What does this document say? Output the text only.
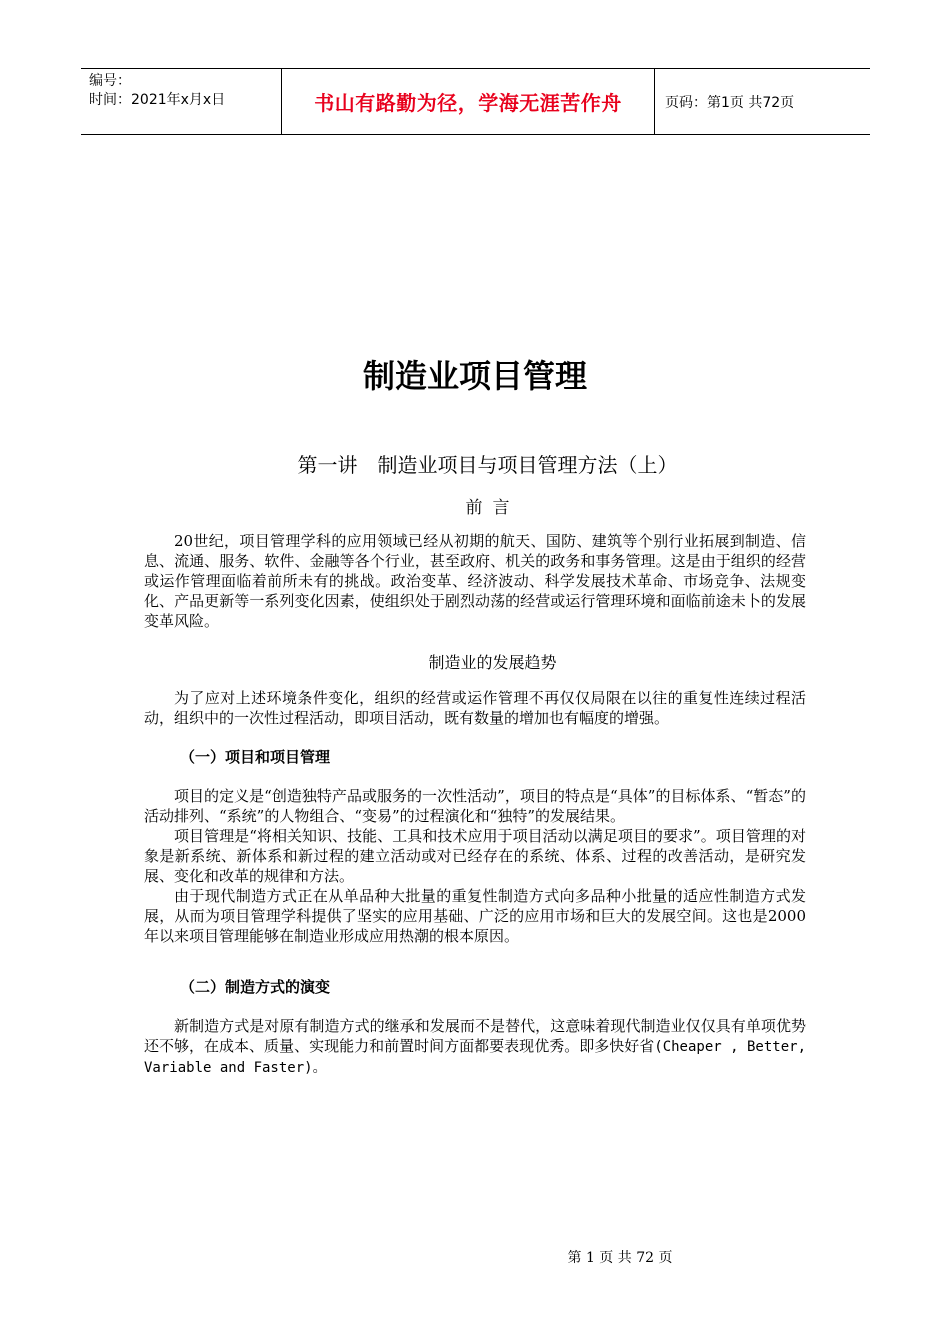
编号：
时间：2021年x月x日	书山有路勤为径，学海无涯苦作舟	页码：第1页 共72页
制造业项目管理
第一讲　制造业项目与项目管理方法（上）
前言

20世纪，项目管理学科的应用领域已经从初期的航天、国防、建筑等个别行业拓展到制造、信息、流通、服务、软件、金融等各个行业，甚至政府、机关的政务和事务管理。这是由于组织的经营或运作管理面临着前所未有的挑战。政治变革、经济波动、科学发展技术革命、市场竞争、法规变化、产品更新等一系列变化因素，使组织处于剧烈动荡的经营或运行管理环境和面临前途未卜的发展变革风险。

制造业的发展趋势

为了应对上述环境条件变化，组织的经营或运作管理不再仅仅局限在以往的重复性连续过程活动，组织中的一次性过程活动，即项目活动，既有数量的增加也有幅度的增强。

（一）项目和项目管理

项目的定义是“创造独特产品或服务的一次性活动”，项目的特点是“具体”的目标体系、“暂态”的活动排列、“系统”的人物组合、“变易”的过程演化和“独特”的发展结果。

项目管理是“将相关知识、技能、工具和技术应用于项目活动以满足项目的要求”。项目管理的对象是新系统、新体系和新过程的建立活动或对已经存在的系统、体系、过程的改善活动，是研究发展、变化和改革的规律和方法。

由于现代制造方式正在从单品种大批量的重复性制造方式向多品种小批量的适应性制造方式发展，从而为项目管理学科提供了坚实的应用基础、广泛的应用市场和巨大的发展空间。这也是2000年以来项目管理能够在制造业形成应用热潮的根本原因。

（二）制造方式的演变

新制造方式是对原有制造方式的继承和发展而不是替代，这意味着现代制造业仅仅具有单项优势还不够，在成本、质量、实现能力和前置时间方面都要表现优秀。即多快好省(Cheaper , Better, Variable and Faster)。

第 1 页 共 72 页
